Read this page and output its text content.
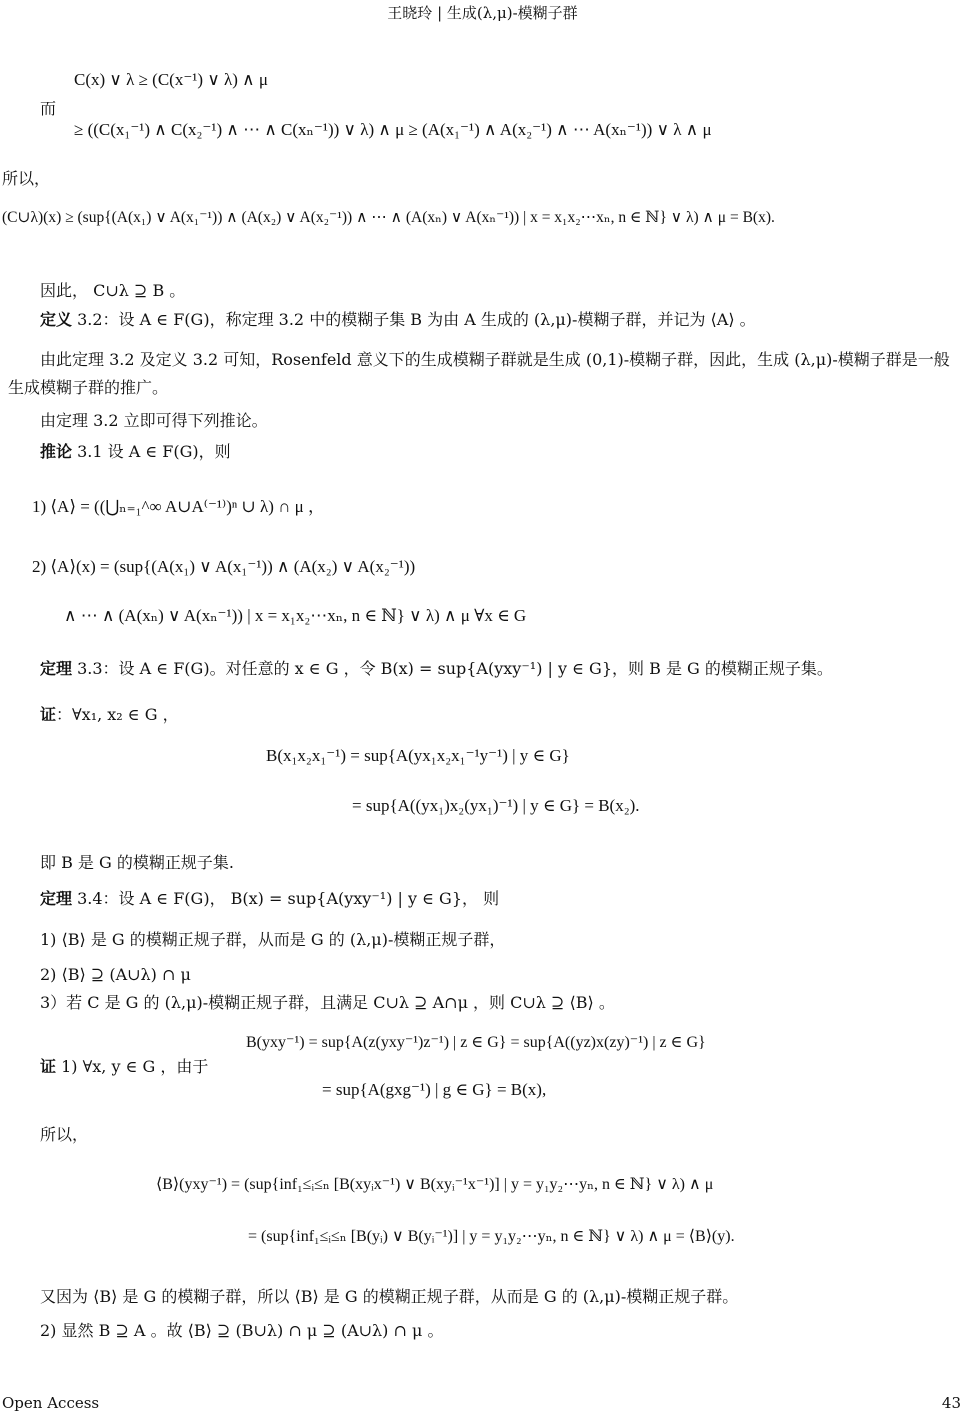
王晓玲 | 生成(λ,μ)-模糊子群
C(x) ∨ λ ≥ (C(x⁻¹) ∨ λ) ∧ μ
而
≥ ((C(x₁⁻¹) ∧ C(x₂⁻¹) ∧ ⋯ ∧ C(xₙ⁻¹)) ∨ λ) ∧ μ ≥ (A(x₁⁻¹) ∧ A(x₂⁻¹) ∧ ⋯ A(xₙ⁻¹)) ∨ λ ∧ μ
所以，
(C∪λ)(x) ≥ (sup{(A(x₁) ∨ A(x₁⁻¹)) ∧ (A(x₂) ∨ A(x₂⁻¹)) ∧ ⋯ ∧ (A(xₙ) ∨ A(xₙ⁻¹)) | x = x₁x₂⋯xₙ, n ∈ ℕ} ∨ λ) ∧ μ = B(x).
因此， C∪λ ⊇ B 。
定义 3.2：设 A ∈ F(G)，称定理 3.2 中的模糊子集 B 为由 A 生成的 (λ,μ)-模糊子群，并记为 ⟨A⟩ 。
由此定理 3.2 及定义 3.2 可知，Rosenfeld 意义下的生成模糊子群就是生成 (0,1)-模糊子群，因此，生成 (λ,μ)-模糊子群是一般生成模糊子群的推广。
由定理 3.2 立即可得下列推论。
推论 3.1 设 A ∈ F(G)，则
1) ⟨A⟩ = ((⋃ₙ₌₁^∞ A∪A⁽⁻¹⁾)ⁿ ∪ λ) ∩ μ ，
2) ⟨A⟩(x) = (sup{(A(x₁) ∨ A(x₁⁻¹)) ∧ (A(x₂) ∨ A(x₂⁻¹))
∧ ⋯ ∧ (A(xₙ) ∨ A(xₙ⁻¹)) | x = x₁x₂⋯xₙ, n ∈ ℕ} ∨ λ) ∧ μ ∀x ∈ G
定理 3.3：设 A ∈ F(G)。对任意的 x ∈ G ，令 B(x) = sup{A(yxy⁻¹) | y ∈ G}，则 B 是 G 的模糊正规子集。
证：∀x₁, x₂ ∈ G ，
B(x₁x₂x₁⁻¹) = sup{A(yx₁x₂x₁⁻¹y⁻¹) | y ∈ G}
= sup{A((yx₁)x₂(yx₁)⁻¹) | y ∈ G} = B(x₂).
即 B 是 G 的模糊正规子集.
定理 3.4：设 A ∈ F(G)， B(x) = sup{A(yxy⁻¹) | y ∈ G}， 则
1) ⟨B⟩ 是 G 的模糊正规子群，从而是 G 的 (λ,μ)-模糊正规子群，
2) ⟨B⟩ ⊇ (A∪λ) ∩ μ
3）若 C 是 G 的 (λ,μ)-模糊正规子群，且满足 C∪λ ⊇ A∩μ ，则 C∪λ ⊇ ⟨B⟩ 。
B(yxy⁻¹) = sup{A(z(yxy⁻¹)z⁻¹) | z ∈ G} = sup{A((yz)x(zy)⁻¹) | z ∈ G}
证 1) ∀x, y ∈ G ，由于
= sup{A(gxg⁻¹) | g ∈ G} = B(x),
所以，
⟨B⟩(yxy⁻¹) = (sup{inf₁≤ᵢ≤ₙ [B(xyᵢx⁻¹) ∨ B(xyᵢ⁻¹x⁻¹)] | y = y₁y₂⋯yₙ, n ∈ ℕ} ∨ λ) ∧ μ
= (sup{inf₁≤ᵢ≤ₙ [B(yᵢ) ∨ B(yᵢ⁻¹)] | y = y₁y₂⋯yₙ, n ∈ ℕ} ∨ λ) ∧ μ = ⟨B⟩(y).
又因为 ⟨B⟩ 是 G 的模糊子群，所以 ⟨B⟩ 是 G 的模糊正规子群，从而是 G 的 (λ,μ)-模糊正规子群。
2) 显然 B ⊇ A 。故 ⟨B⟩ ⊇ (B∪λ) ∩ μ ⊇ (A∪λ) ∩ μ 。
Open Access	43
